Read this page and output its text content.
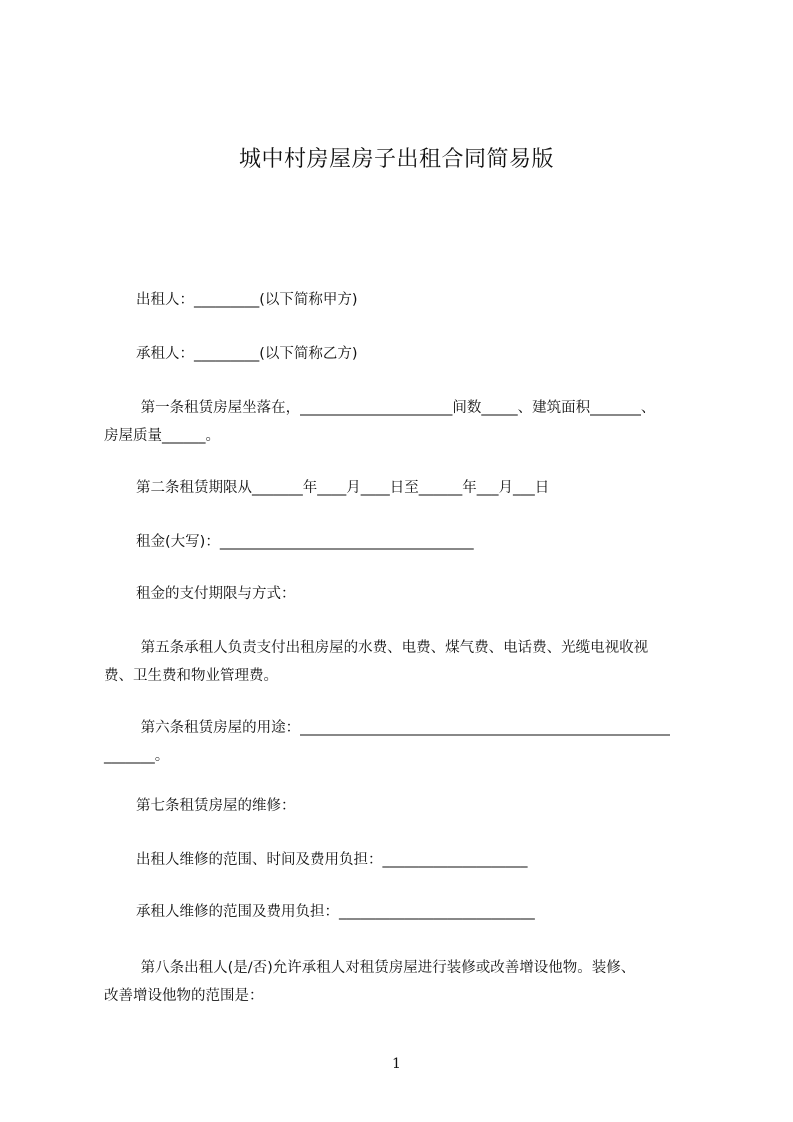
城中村房屋房子出租合同简易版

出租人：_________(以下简称甲方)

承租人：_________(以下简称乙方)

第一条租赁房屋坐落在，_____________________间数_____、建筑面积_______、
房屋质量______。

第二条租赁期限从_______年____月____日至______年___月___日

租金(大写)：___________________________________

租金的支付期限与方式：

第五条承租人负责支付出租房屋的水费、电费、煤气费、电话费、光缆电视收视
费、卫生费和物业管理费。

第六条租赁房屋的用途：___________________________________________________
_______。

第七条租赁房屋的维修：

出租人维修的范围、时间及费用负担：____________________

承租人维修的范围及费用负担：___________________________

第八条出租人(是/否)允许承租人对租赁房屋进行装修或改善增设他物。装修、
改善增设他物的范围是：

1
